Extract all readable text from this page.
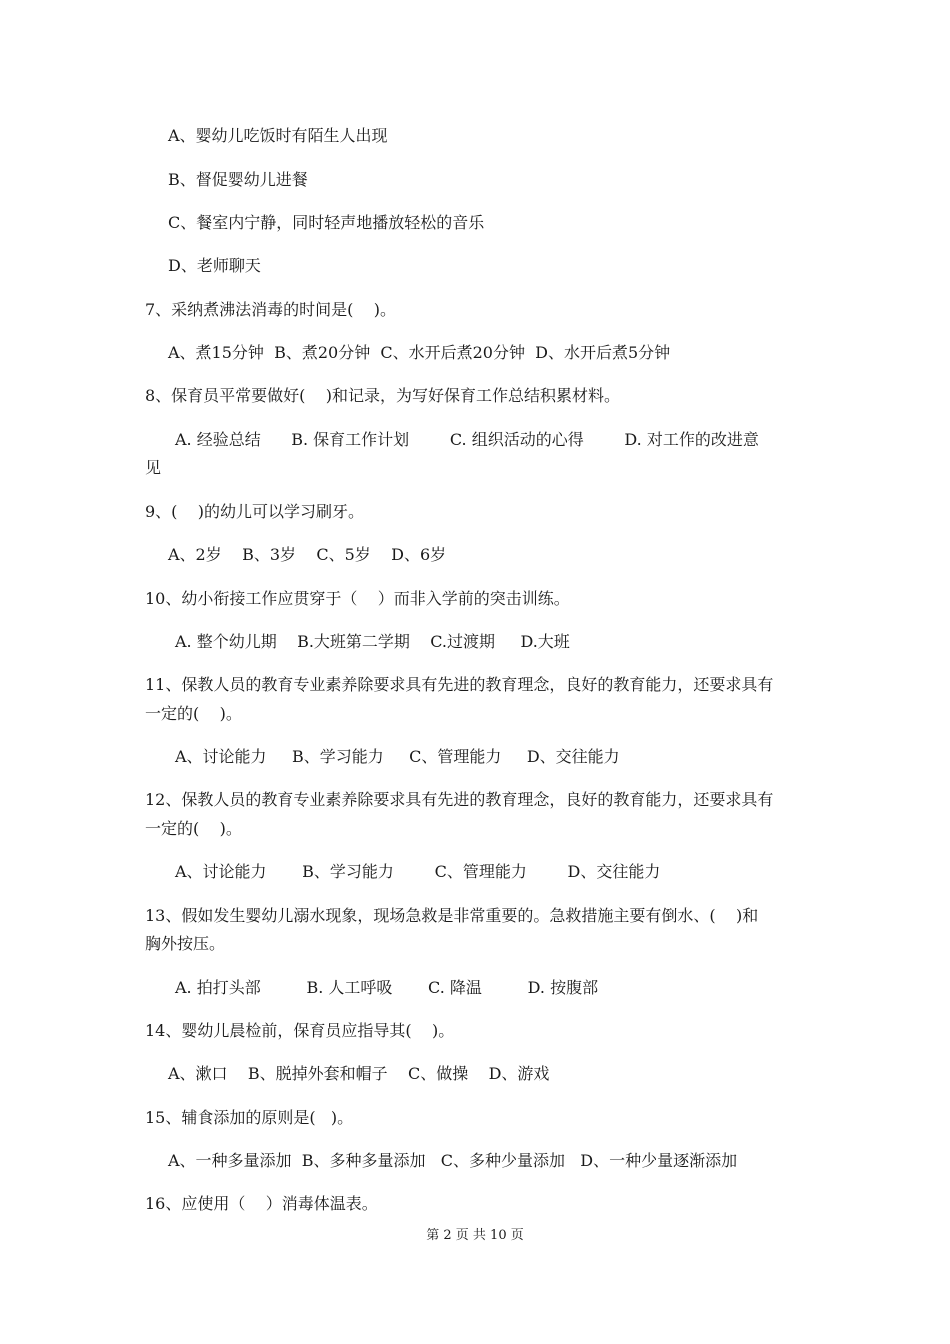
A、婴幼儿吃饭时有陌生人出现
B、督促婴幼儿进餐
C、餐室内宁静，同时轻声地播放轻松的音乐
D、老师聊天
7、采纳煮沸法消毒的时间是(    )。
A、煮15分钟  B、煮20分钟  C、水开后煮20分钟  D、水开后煮5分钟
8、保育员平常要做好(    )和记录，为写好保育工作总结积累材料。
A. 经验总结      B. 保育工作计划        C. 组织活动的心得        D. 对工作的改进意
见
9、(    )的幼儿可以学习刷牙。
A、2岁    B、3岁    C、5岁    D、6岁
10、幼小衔接工作应贯穿于（    ）而非入学前的突击训练。
A. 整个幼儿期    B.大班第二学期    C.过渡期     D.大班
11、保教人员的教育专业素养除要求具有先进的教育理念，良好的教育能力，还要求具有
一定的(    )。
A、讨论能力     B、学习能力     C、管理能力     D、交往能力
12、保教人员的教育专业素养除要求具有先进的教育理念，良好的教育能力，还要求具有
一定的(    )。
A、讨论能力       B、学习能力        C、管理能力        D、交往能力
13、假如发生婴幼儿溺水现象，现场急救是非常重要的。急救措施主要有倒水、(    )和
胸外按压。
A. 拍打头部         B. 人工呼吸       C. 降温         D. 按腹部
14、婴幼儿晨检前，保育员应指导其(    )。
A、漱口    B、脱掉外套和帽子    C、做操    D、游戏
15、辅食添加的原则是(   )。
A、一种多量添加  B、多种多量添加   C、多种少量添加   D、一种少量逐渐添加
16、应使用（    ）消毒体温表。
第 2 页 共 10 页
